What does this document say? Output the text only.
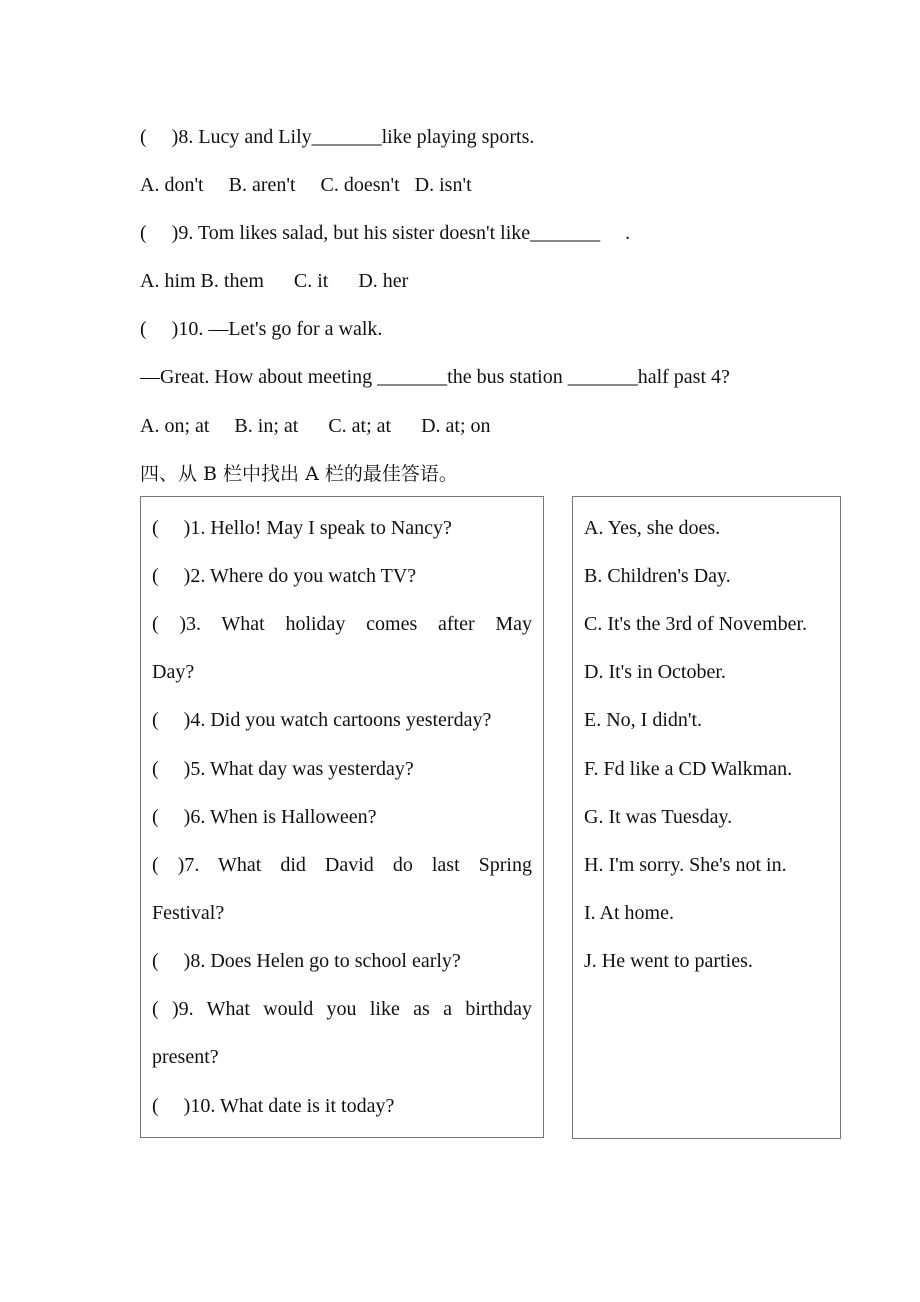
(     )8. Lucy and Lily_______like playing sports.
A. don't     B. aren't     C. doesn't   D. isn't
(     )9. Tom likes salad, but his sister doesn't like_______     .
A. him B. them      C. it      D. her
(     )10. —Let's go for a walk.
—Great. How about meeting _______the bus station _______half past 4?
A. on; at     B. in; at      C. at; at      D. at; on
四、从 B 栏中找出 A 栏的最佳答语。
(     )1. Hello! May I speak to Nancy?
(     )2. Where do you watch TV?
( )3. What holiday comes after May
Day?
(     )4. Did you watch cartoons yesterday?
(     )5. What day was yesterday?
(     )6. When is Halloween?
( )7. What did David do last Spring
Festival?
(     )8. Does Helen go to school early?
( )9. What would you like as a birthday
present?
(     )10. What date is it today?
A. Yes, she does.
B. Children's Day.
C. It's the 3rd of November.
D. It's in October.
E. No, I didn't.
F. Fd like a CD Walkman.
G. It was Tuesday.
H. I'm sorry. She's not in.
I. At home.
J. He went to parties.
